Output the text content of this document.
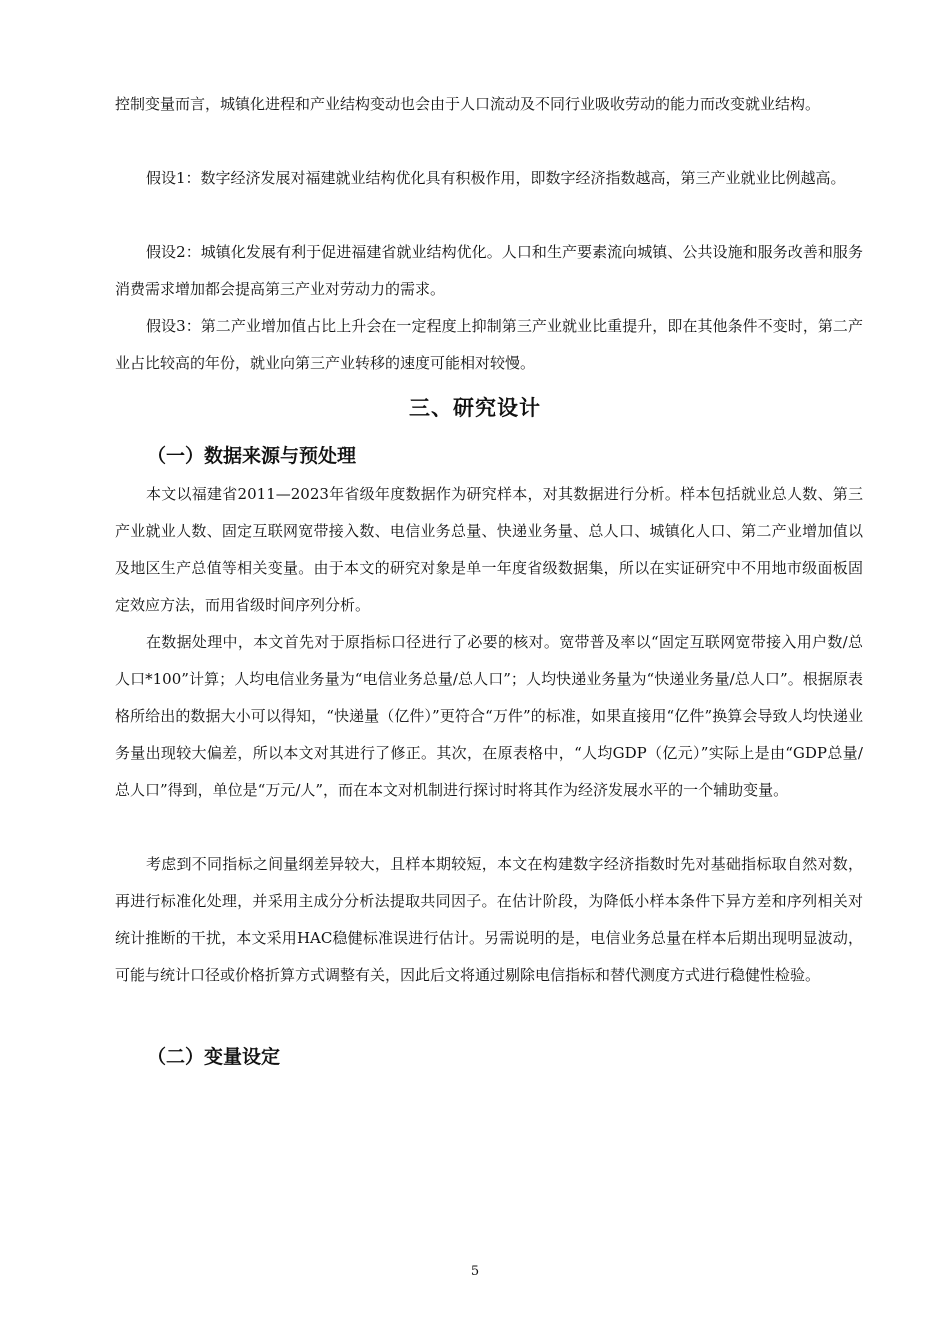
控制变量而言，城镇化进程和产业结构变动也会由于人口流动及不同行业吸收劳动的能力而改变就业结构。

假设1：数字经济发展对福建就业结构优化具有积极作用，即数字经济指数越高，第三产业就业比例越高。

假设2：城镇化发展有利于促进福建省就业结构优化。人口和生产要素流向城镇、公共设施和服务改善和服务消费需求增加都会提高第三产业对劳动力的需求。

假设3：第二产业增加值占比上升会在一定程度上抑制第三产业就业比重提升，即在其他条件不变时，第二产业占比较高的年份，就业向第三产业转移的速度可能相对较慢。

三、研究设计
（一）数据来源与预处理

本文以福建省2011—2023年省级年度数据作为研究样本，对其数据进行分析。样本包括就业总人数、第三产业就业人数、固定互联网宽带接入数、电信业务总量、快递业务量、总人口、城镇化人口、第二产业增加值以及地区生产总值等相关变量。由于本文的研究对象是单一年度省级数据集，所以在实证研究中不用地市级面板固定效应方法，而用省级时间序列分析。

在数据处理中，本文首先对于原指标口径进行了必要的核对。宽带普及率以“固定互联网宽带接入用户数/总人口*100”计算；人均电信业务量为“电信业务总量/总人口”；人均快递业务量为“快递业务量/总人口”。根据原表格所给出的数据大小可以得知，“快递量（亿件）”更符合“万件”的标准，如果直接用“亿件”换算会导致人均快递业务量出现较大偏差，所以本文对其进行了修正。其次，在原表格中，“人均GDP（亿元）”实际上是由“GDP总量/总人口”得到，单位是“万元/人”，而在本文对机制进行探讨时将其作为经济发展水平的一个辅助变量。

考虑到不同指标之间量纲差异较大，且样本期较短，本文在构建数字经济指数时先对基础指标取自然对数，再进行标准化处理，并采用主成分分析法提取共同因子。在估计阶段，为降低小样本条件下异方差和序列相关对统计推断的干扰，本文采用HAC稳健标准误进行估计。另需说明的是，电信业务总量在样本后期出现明显波动，可能与统计口径或价格折算方式调整有关，因此后文将通过剔除电信指标和替代测度方式进行稳健性检验。

（二）变量设定
5
